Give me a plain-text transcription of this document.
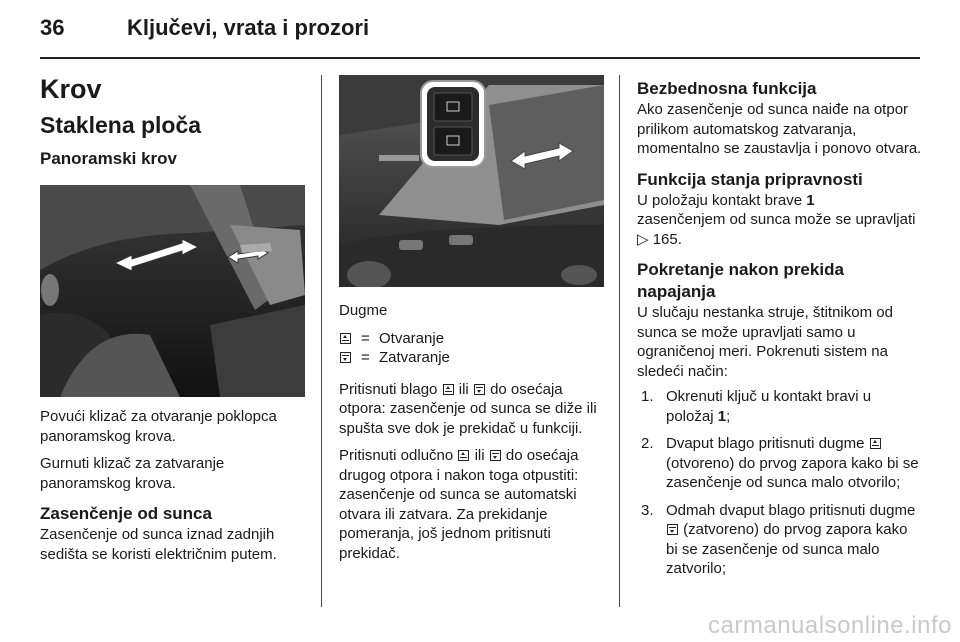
36	Ključevi, vrata i prozori
Krov
Staklena ploča
Panoramski krov

Povući klizač za otvaranje poklopca panoramskog krova.

Gurnuti klizač za zatvaranje panoramskog krova.

Zasenčenje od sunca

Zasenčenje od sunca iznad zadnjih sedišta se koristi električnim putem.

Dugme

= Otvaranje
= Zatvaranje

Pritisnuti blago ili do osećaja otpora: zasenčenje od sunca se diže ili spušta sve dok je prekidač u funkciji.

Pritisnuti odlučno ili do osećaja drugog otpora i nakon toga otpustiti: zasenčenje od sunca se automatski otvara ili zatvara. Za prekidanje pomeranja, još jednom pritisnuti prekidač.

Bezbednosna funkcija

Ako zasenčenje od sunca naiđe na otpor prilikom automatskog zatvaranja, momentalno se zaustavlja i ponovo otvara.

Funkcija stanja pripravnosti

U položaju kontakt brave 1
zasenčenjem od sunca može se upravljati
▷ 165.

Pokretanje nakon prekida napajanja

U slučaju nestanka struje, štitnikom od sunca se može upravljati samo u ograničenoj meri. Pokrenuti sistem na sledeći način:

1. Okrenuti ključ u kontakt bravi u položaj 1;
2. Dvaput blago pritisnuti dugme  (otvoreno) do prvog zapora kako bi se zasenčenje od sunca malo otvorilo;
3. Odmah dvaput blago pritisnuti dugme  (zatvoreno) do prvog zapora kako bi se zasenčenje od sunca malo zatvorilo;
carmanualsonline.info
